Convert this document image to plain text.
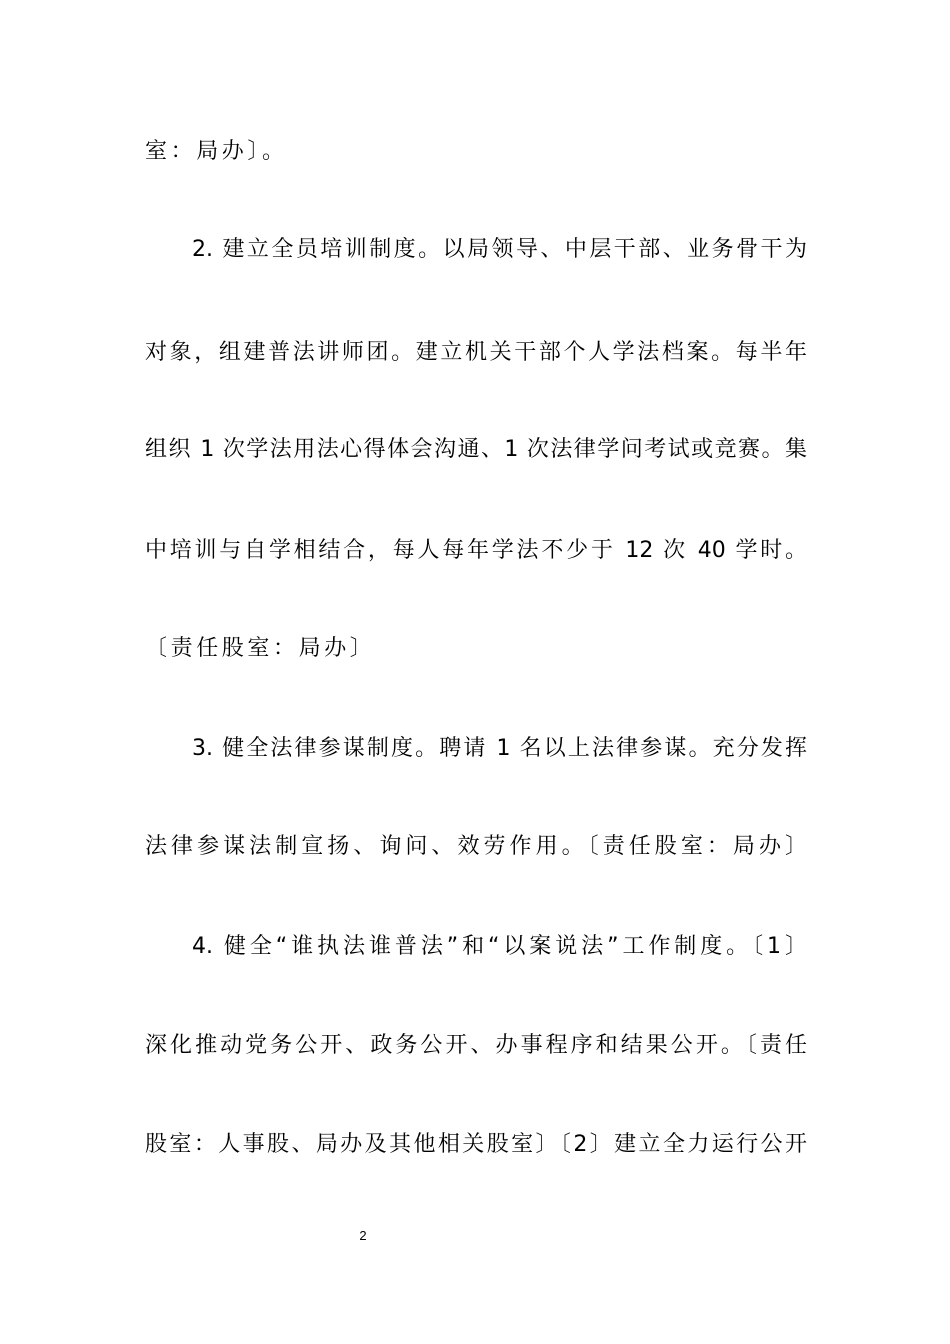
室：局办〕。
2. 建立全员培训制度。以局领导、中层干部、业务骨干为
对象，组建普法讲师团。建立机关干部个人学法档案。每半年
组织 1 次学法用法心得体会沟通、1 次法律学问考试或竞赛。集
中培训与自学相结合，每人每年学法不少于 12 次 40 学时。
〔责任股室：局办〕
3. 健全法律参谋制度。聘请 1 名以上法律参谋。充分发挥
法律参谋法制宣扬、询问、效劳作用。〔责任股室：局办〕
4. 健全“谁执法谁普法”和“以案说法”工作制度。〔1〕
深化推动党务公开、政务公开、办事程序和结果公开。〔责任
股室：人事股、局办及其他相关股室〕〔2〕建立全力运行公开
2
